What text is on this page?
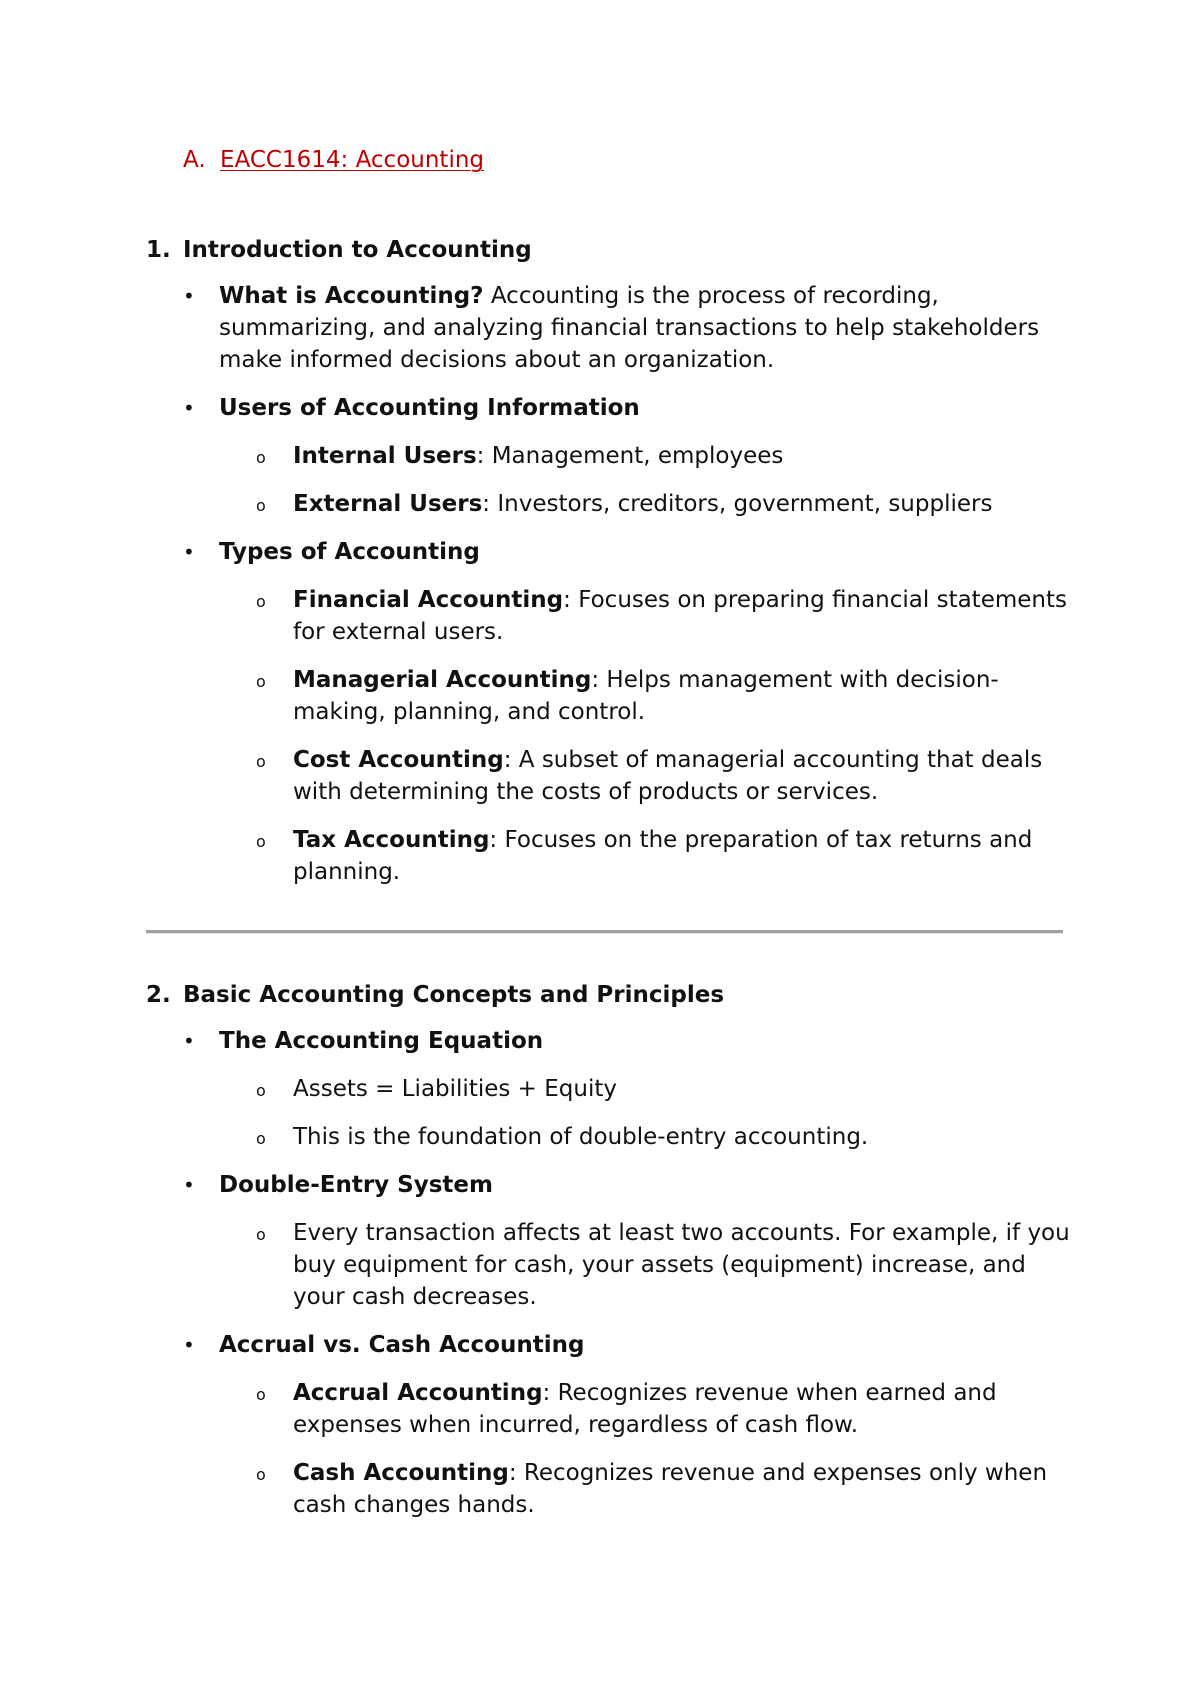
A. EACC1614: Accounting
1. Introduction to Accounting
•	What is Accounting? Accounting is the process of recording, summarizing, and analyzing financial transactions to help stakeholders make informed decisions about an organization.
•	Users of Accounting Information
o	Internal Users: Management, employees
o	External Users: Investors, creditors, government, suppliers
•	Types of Accounting
o	Financial Accounting: Focuses on preparing financial statements for external users.
o	Managerial Accounting: Helps management with decision-making, planning, and control.
o	Cost Accounting: A subset of managerial accounting that deals with determining the costs of products or services.
o	Tax Accounting: Focuses on the preparation of tax returns and planning.
2. Basic Accounting Concepts and Principles
•	The Accounting Equation
o	Assets = Liabilities + Equity
o	This is the foundation of double-entry accounting.
•	Double-Entry System
o	Every transaction affects at least two accounts. For example, if you buy equipment for cash, your assets (equipment) increase, and your cash decreases.
•	Accrual vs. Cash Accounting
o	Accrual Accounting: Recognizes revenue when earned and expenses when incurred, regardless of cash flow.
o	Cash Accounting: Recognizes revenue and expenses only when cash changes hands.
